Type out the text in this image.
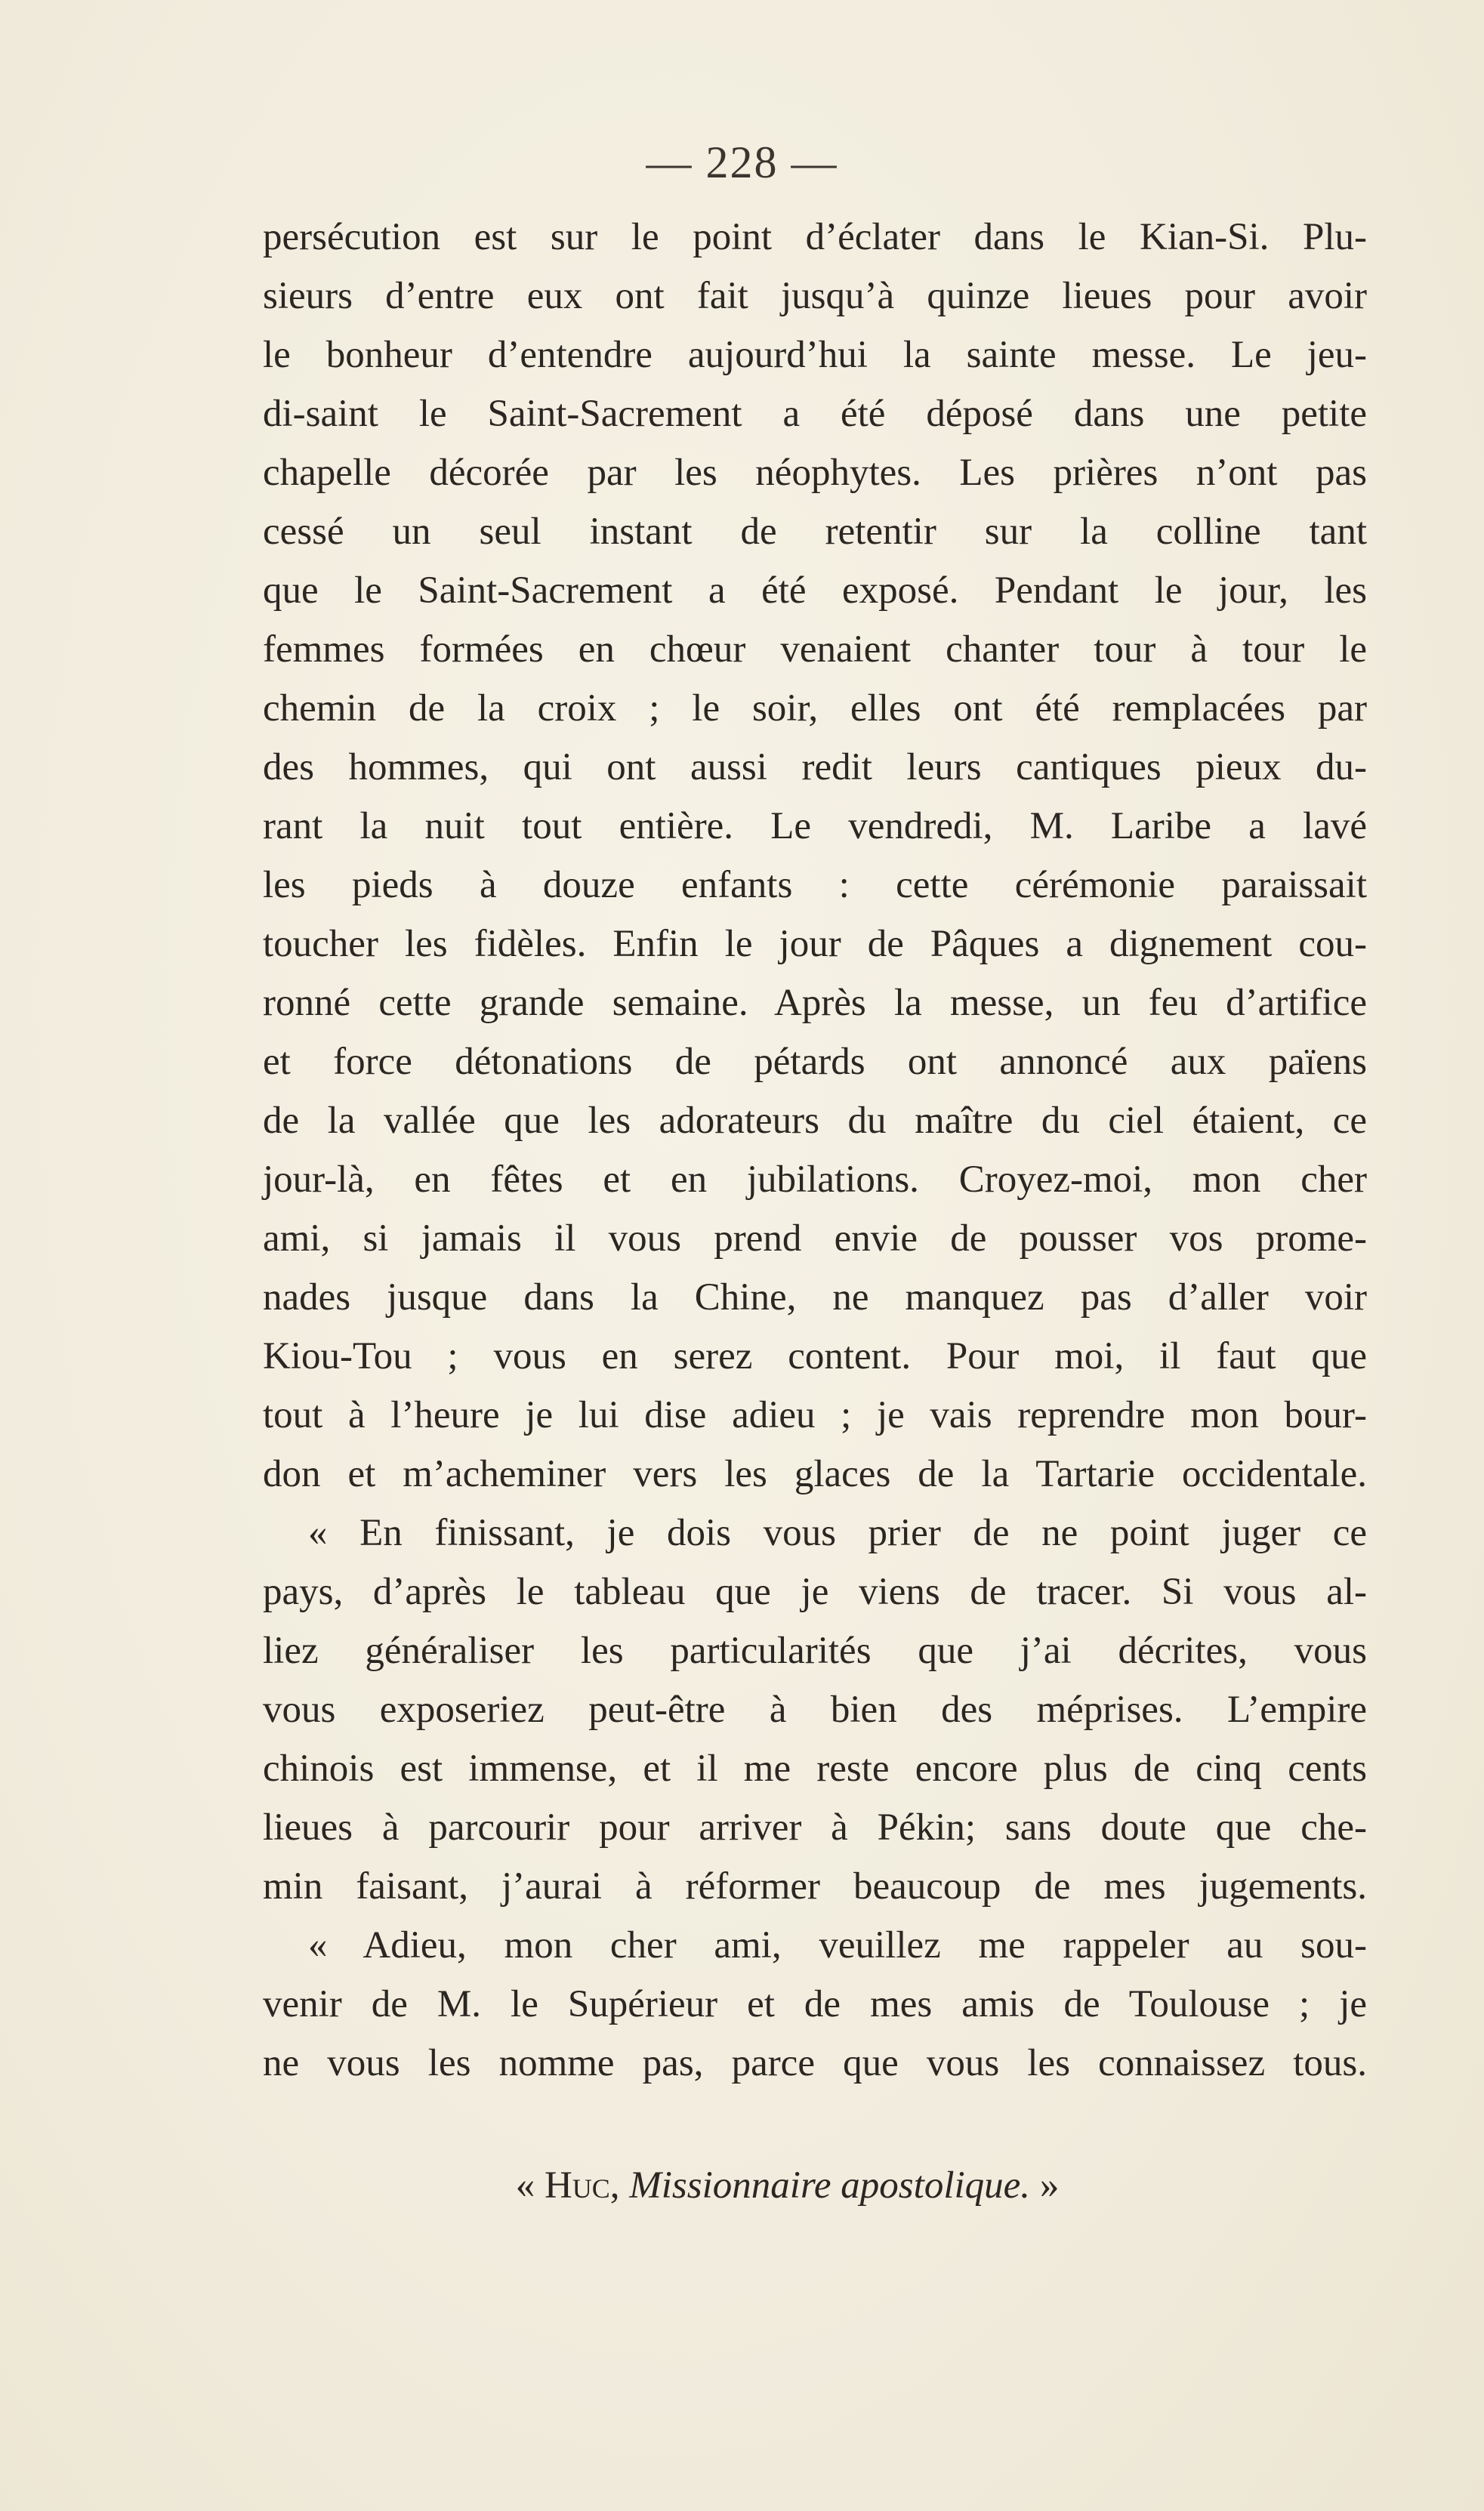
— 228 —
persécution est sur le point d’éclater dans le Kian-Si. Plu-
sieurs d’entre eux ont fait jusqu’à quinze lieues pour avoir
le bonheur d’entendre aujourd’hui la sainte messe. Le jeu-
di-saint le Saint-Sacrement a été déposé dans une petite
chapelle décorée par les néophytes. Les prières n’ont pas
cessé un seul instant de retentir sur la colline tant
que le Saint-Sacrement a été exposé. Pendant le jour, les
femmes formées en chœur venaient chanter tour à tour le
chemin de la croix ; le soir, elles ont été remplacées par
des hommes, qui ont aussi redit leurs cantiques pieux du-
rant la nuit tout entière. Le vendredi, M. Laribe a lavé
les pieds à douze enfants : cette cérémonie paraissait
toucher les fidèles. Enfin le jour de Pâques a dignement cou-
ronné cette grande semaine. Après la messe, un feu d’artifice
et force détonations de pétards ont annoncé aux païens
de la vallée que les adorateurs du maître du ciel étaient, ce
jour-là, en fêtes et en jubilations. Croyez-moi, mon cher
ami, si jamais il vous prend envie de pousser vos prome-
nades jusque dans la Chine, ne manquez pas d’aller voir
Kiou-Tou ; vous en serez content. Pour moi, il faut que
tout à l’heure je lui dise adieu ; je vais reprendre mon bour-
don et m’acheminer vers les glaces de la Tartarie occidentale.
« En finissant, je dois vous prier de ne point juger ce
pays, d’après le tableau que je viens de tracer. Si vous al-
liez généraliser les particularités que j’ai décrites, vous
vous exposeriez peut-être à bien des méprises. L’empire
chinois est immense, et il me reste encore plus de cinq cents
lieues à parcourir pour arriver à Pékin; sans doute que che-
min faisant, j’aurai à réformer beaucoup de mes jugements.
« Adieu, mon cher ami, veuillez me rappeler au sou-
venir de M. le Supérieur et de mes amis de Toulouse ; je
ne vous les nomme pas, parce que vous les connaissez tous.
« Huc, Missionnaire apostolique. »
